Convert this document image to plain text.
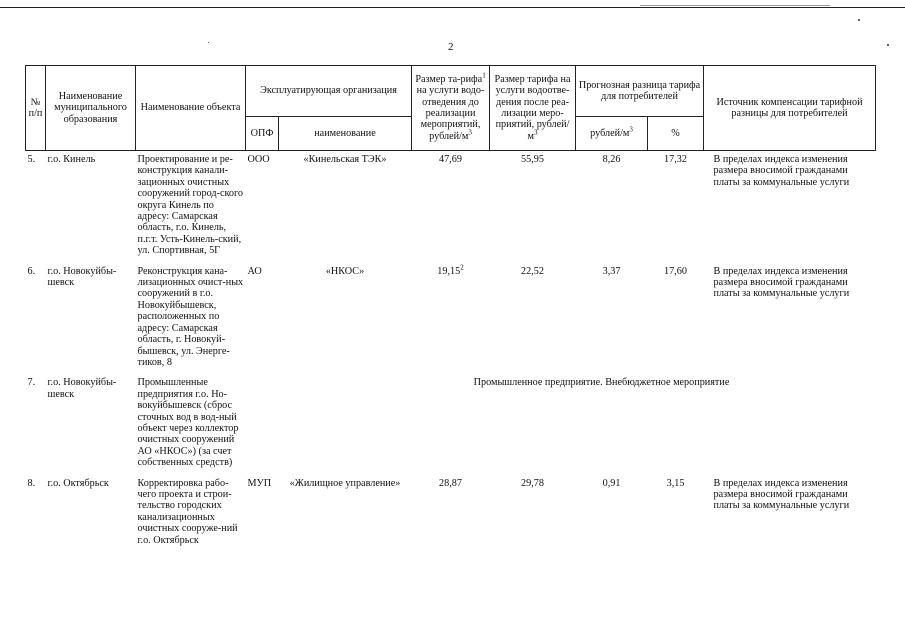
2
№ п/п	Наименование муниципального образования	Наименование объекта	Эксплуатирующая организация		Размер та-рифа$^1$ на услуги водо-отведения до реализации мероприятий, рублей/$м^3$	Размер тарифа на услуги водоотве-дения после реа-лизации меро-приятий, рублей/$м^3$	Прогнозная разница тарифа для потребителей		Источник компенсации тарифной разницы для потребителей
			ОПФ	наименование			рублей/$м^3$	%	
5.	г.о. Кинель	Проектирование и ре-конструкция канали-зационных очистных сооружений город-ского округа Кинель по адресу: Самарская область, г.о. Кинель, п.г.т. Усть-Кинель-ский, ул. Спортивная, 5Г	ООО	«Кинельская ТЭК»	47,69	55,95	8,26	17,32	В пределах индекса изменения размера вносимой гражданами платы за коммунальные услуги
6.	г.о. Новокуйбы-шевск	Реконструкция кана-лизационных очист-ных сооружений в г.о. Новокуйбышевск, расположенных по адресу: Самарская область, г. Новокуй-бышевск, ул. Энерге-тиков, 8	АО	«НКОС»	19,15$^2$	22,52	3,37	17,60	В пределах индекса изменения размера вносимой гражданами платы за коммунальные услуги
7.	г.о. Новокуйбы-шевск	Промышленные предприятия г.о. Но-вокуйбышевск (сброс сточных вод в вод-ный объект через коллектор очистных сооружений АО «НКОС») (за счет собственных средств)	Промышленное предприятие. Внебюджетное мероприятие						
8.	г.о. Октябрьск	Корректировка рабо-чего проекта и строи-тельство городских канализационных очистных сооруже-ний г.о. Октябрьск	МУП	«Жилищное управление»	28,87	29,78	0,91	3,15	В пределах индекса изменения размера вносимой гражданами платы за коммунальные услуги
